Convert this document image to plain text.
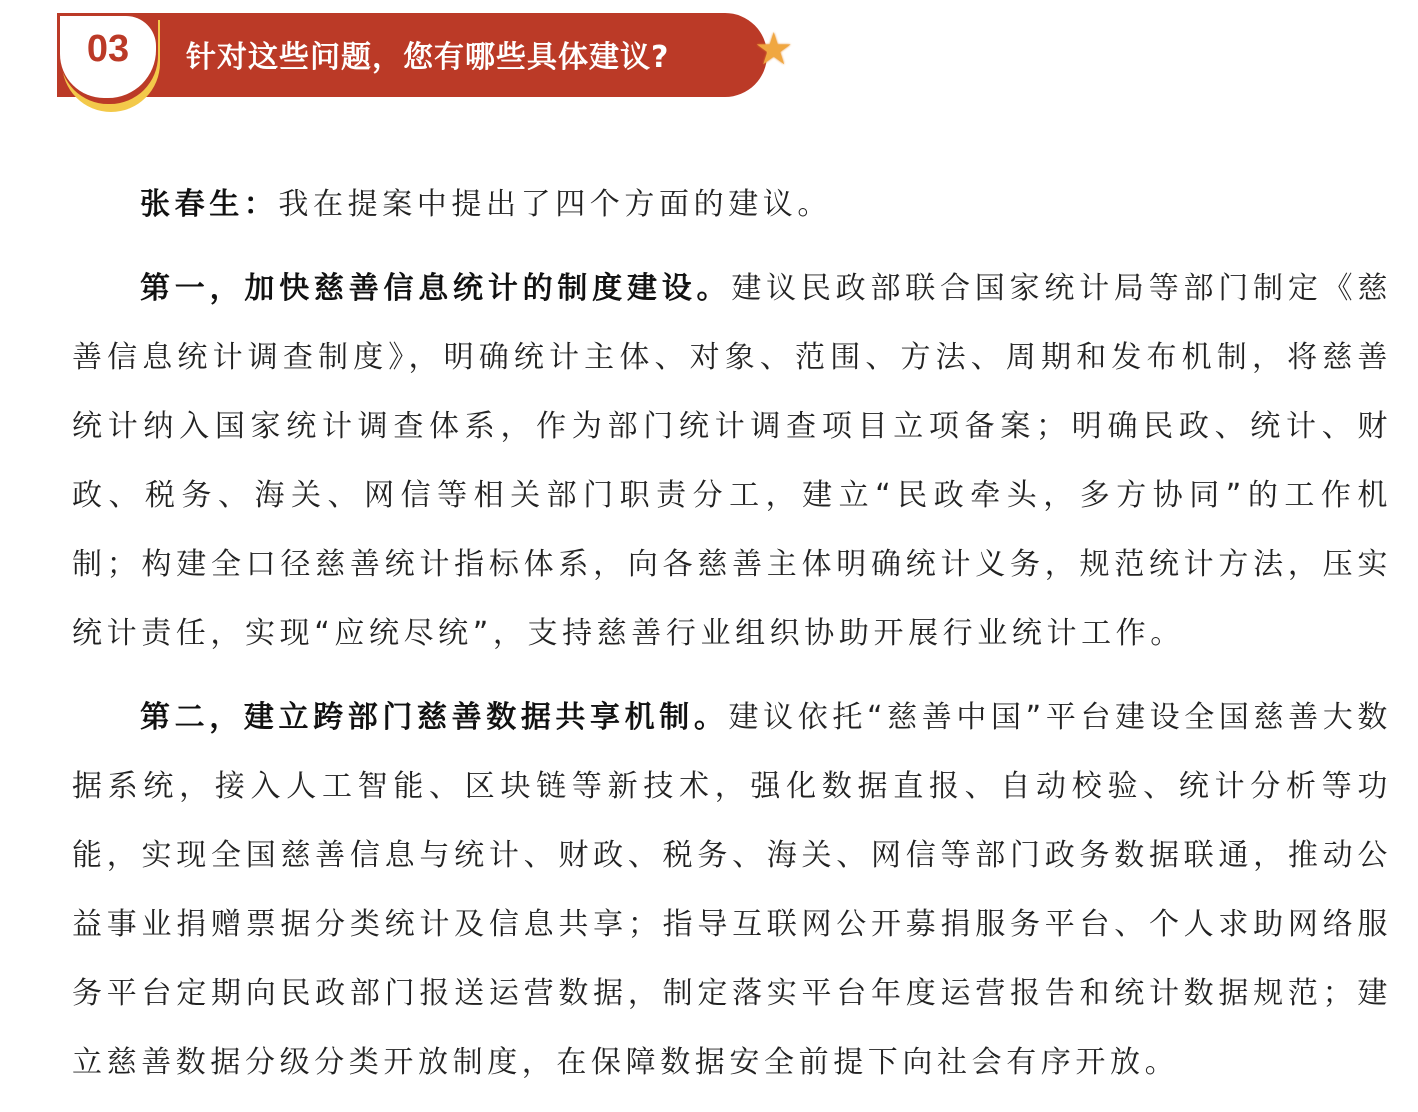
03	针对这些问题，您有哪些具体建议? ★

张春生：我在提案中提出了四个方面的建议。

第一，加快慈善信息统计的制度建设。建议民政部联合国家统计局等部门制定《慈善信息统计调查制度》，明确统计主体、对象、范围、方法、周期和发布机制，将慈善统计纳入国家统计调查体系，作为部门统计调查项目立项备案；明确民政、统计、财政、税务、海关、网信等相关部门职责分工，建立“民政牵头，多方协同”的工作机制；构建全口径慈善统计指标体系，向各慈善主体明确统计义务，规范统计方法，压实统计责任，实现“应统尽统”，支持慈善行业组织协助开展行业统计工作。

第二，建立跨部门慈善数据共享机制。建议依托“慈善中国”平台建设全国慈善大数据系统，接入人工智能、区块链等新技术，强化数据直报、自动校验、统计分析等功能，实现全国慈善信息与统计、财政、税务、海关、网信等部门政务数据联通，推动公益事业捐赠票据分类统计及信息共享；指导互联网公开募捐服务平台、个人求助网络服务平台定期向民政部门报送运营数据，制定落实平台年度运营报告和统计数据规范；建立慈善数据分级分类开放制度，在保障数据安全前提下向社会有序开放。
